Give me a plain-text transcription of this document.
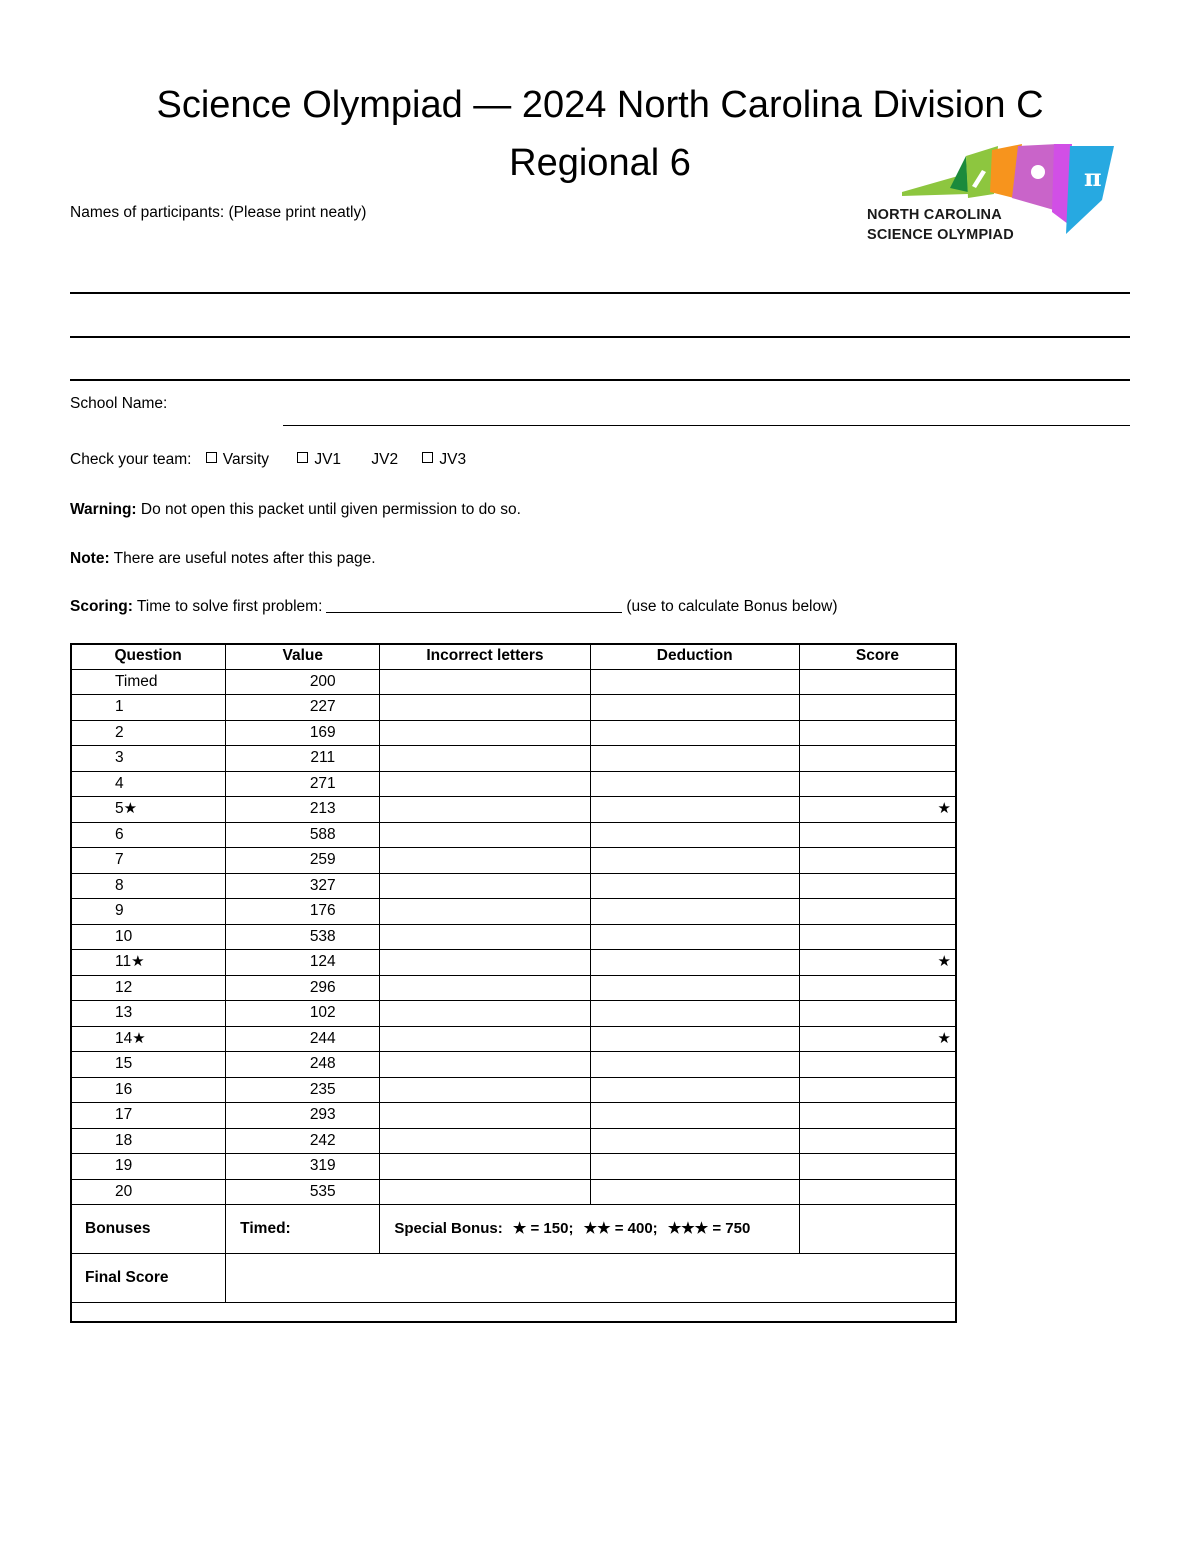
Science Olympiad — 2024 North Carolina Division C
Regional 6	π
NORTH CAROLINA
SCIENCE OLYMPIAD
Names of participants: (Please print neatly)
School Name:
Check your team: Varsity	JV1 JV2	JV3
Warning: Do not open this packet until given permission to do so.
Note: There are useful notes after this page.
Scoring: Time to solve first problem:	(use to calculate Bonus below)
Question	Value	Incorrect letters	Deduction	Score
Timed	200			
1	227			
2	169			
3	211			
4	271			
5★	213			★
6	588			
7	259			
8	327			
9	176			
10	538			
11★	124			★
12	296			
13	102			
14★	244			★
15	248			
16	235			
17	293			
18	242			
19	319			
20	535			
Bonuses	Timed:	Special Bonus: ★ = 150; ★★ = 400; ★★★ = 750		
Final Score				
